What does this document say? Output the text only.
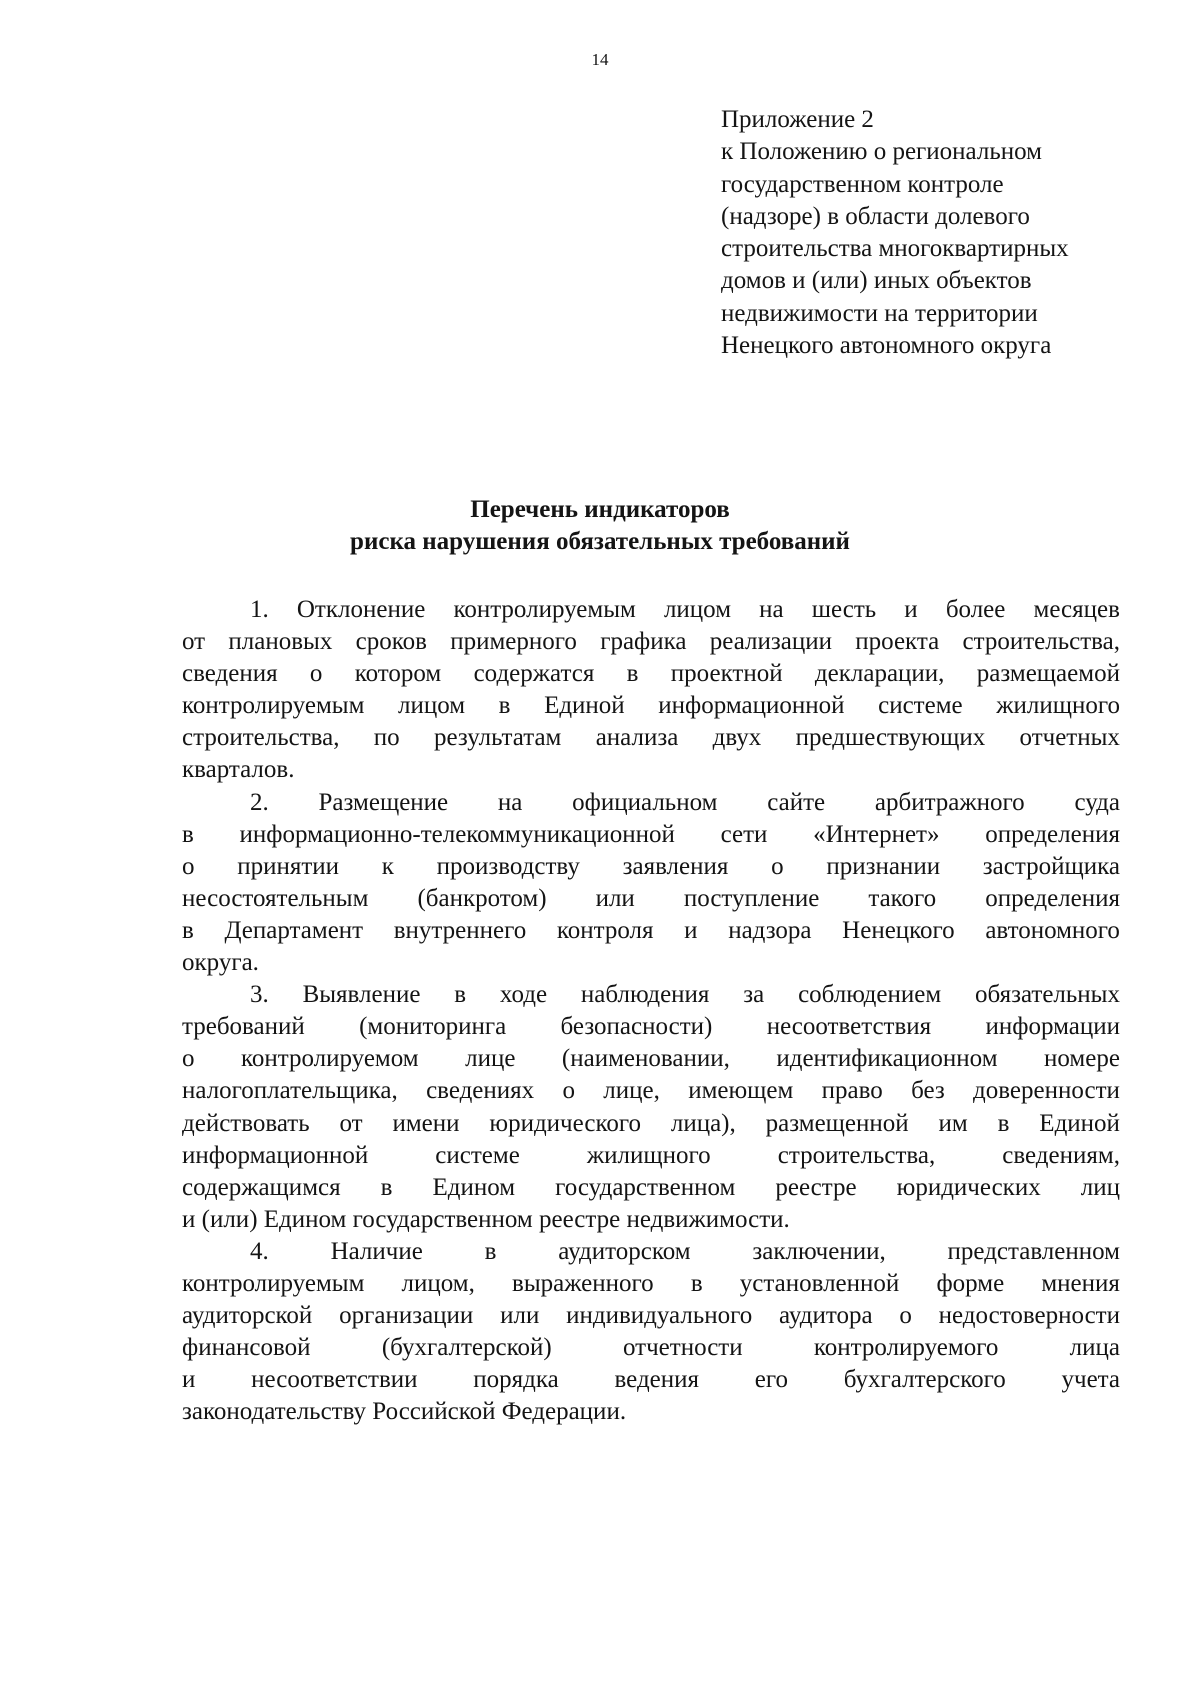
14
Приложение 2
к Положению о региональном
государственном контроле
(надзоре) в области долевого
строительства многоквартирных
домов и (или) иных объектов
недвижимости на территории
Ненецкого автономного округа
Перечень индикаторов
риска нарушения обязательных требований
1. Отклонение контролируемым лицом на шесть и более месяцев
от плановых сроков примерного графика реализации проекта строительства,
сведения о котором содержатся в проектной декларации, размещаемой
контролируемым лицом в Единой информационной системе жилищного
строительства, по результатам анализа двух предшествующих отчетных
кварталов.
2. Размещение на официальном сайте арбитражного суда
в информационно-телекоммуникационной сети «Интернет» определения
о принятии к производству заявления о признании застройщика
несостоятельным (банкротом) или поступление такого определения
в Департамент внутреннего контроля и надзора Ненецкого автономного
округа.
3. Выявление в ходе наблюдения за соблюдением обязательных
требований (мониторинга безопасности) несоответствия информации
о контролируемом лице (наименовании, идентификационном номере
налогоплательщика, сведениях о лице, имеющем право без доверенности
действовать от имени юридического лица), размещенной им в Единой
информационной	системе	жилищного	строительства,	сведениям,
содержащимся в Едином государственном реестре юридических лиц
и (или) Едином государственном реестре недвижимости.
4. Наличие в аудиторском заключении, представленном
контролируемым лицом, выраженного в установленной форме мнения
аудиторской организации или индивидуального аудитора о недостоверности
финансовой	(бухгалтерской)	отчетности	контролируемого	лица
и несоответствии порядка ведения его бухгалтерского учета
законодательству Российской Федерации.
